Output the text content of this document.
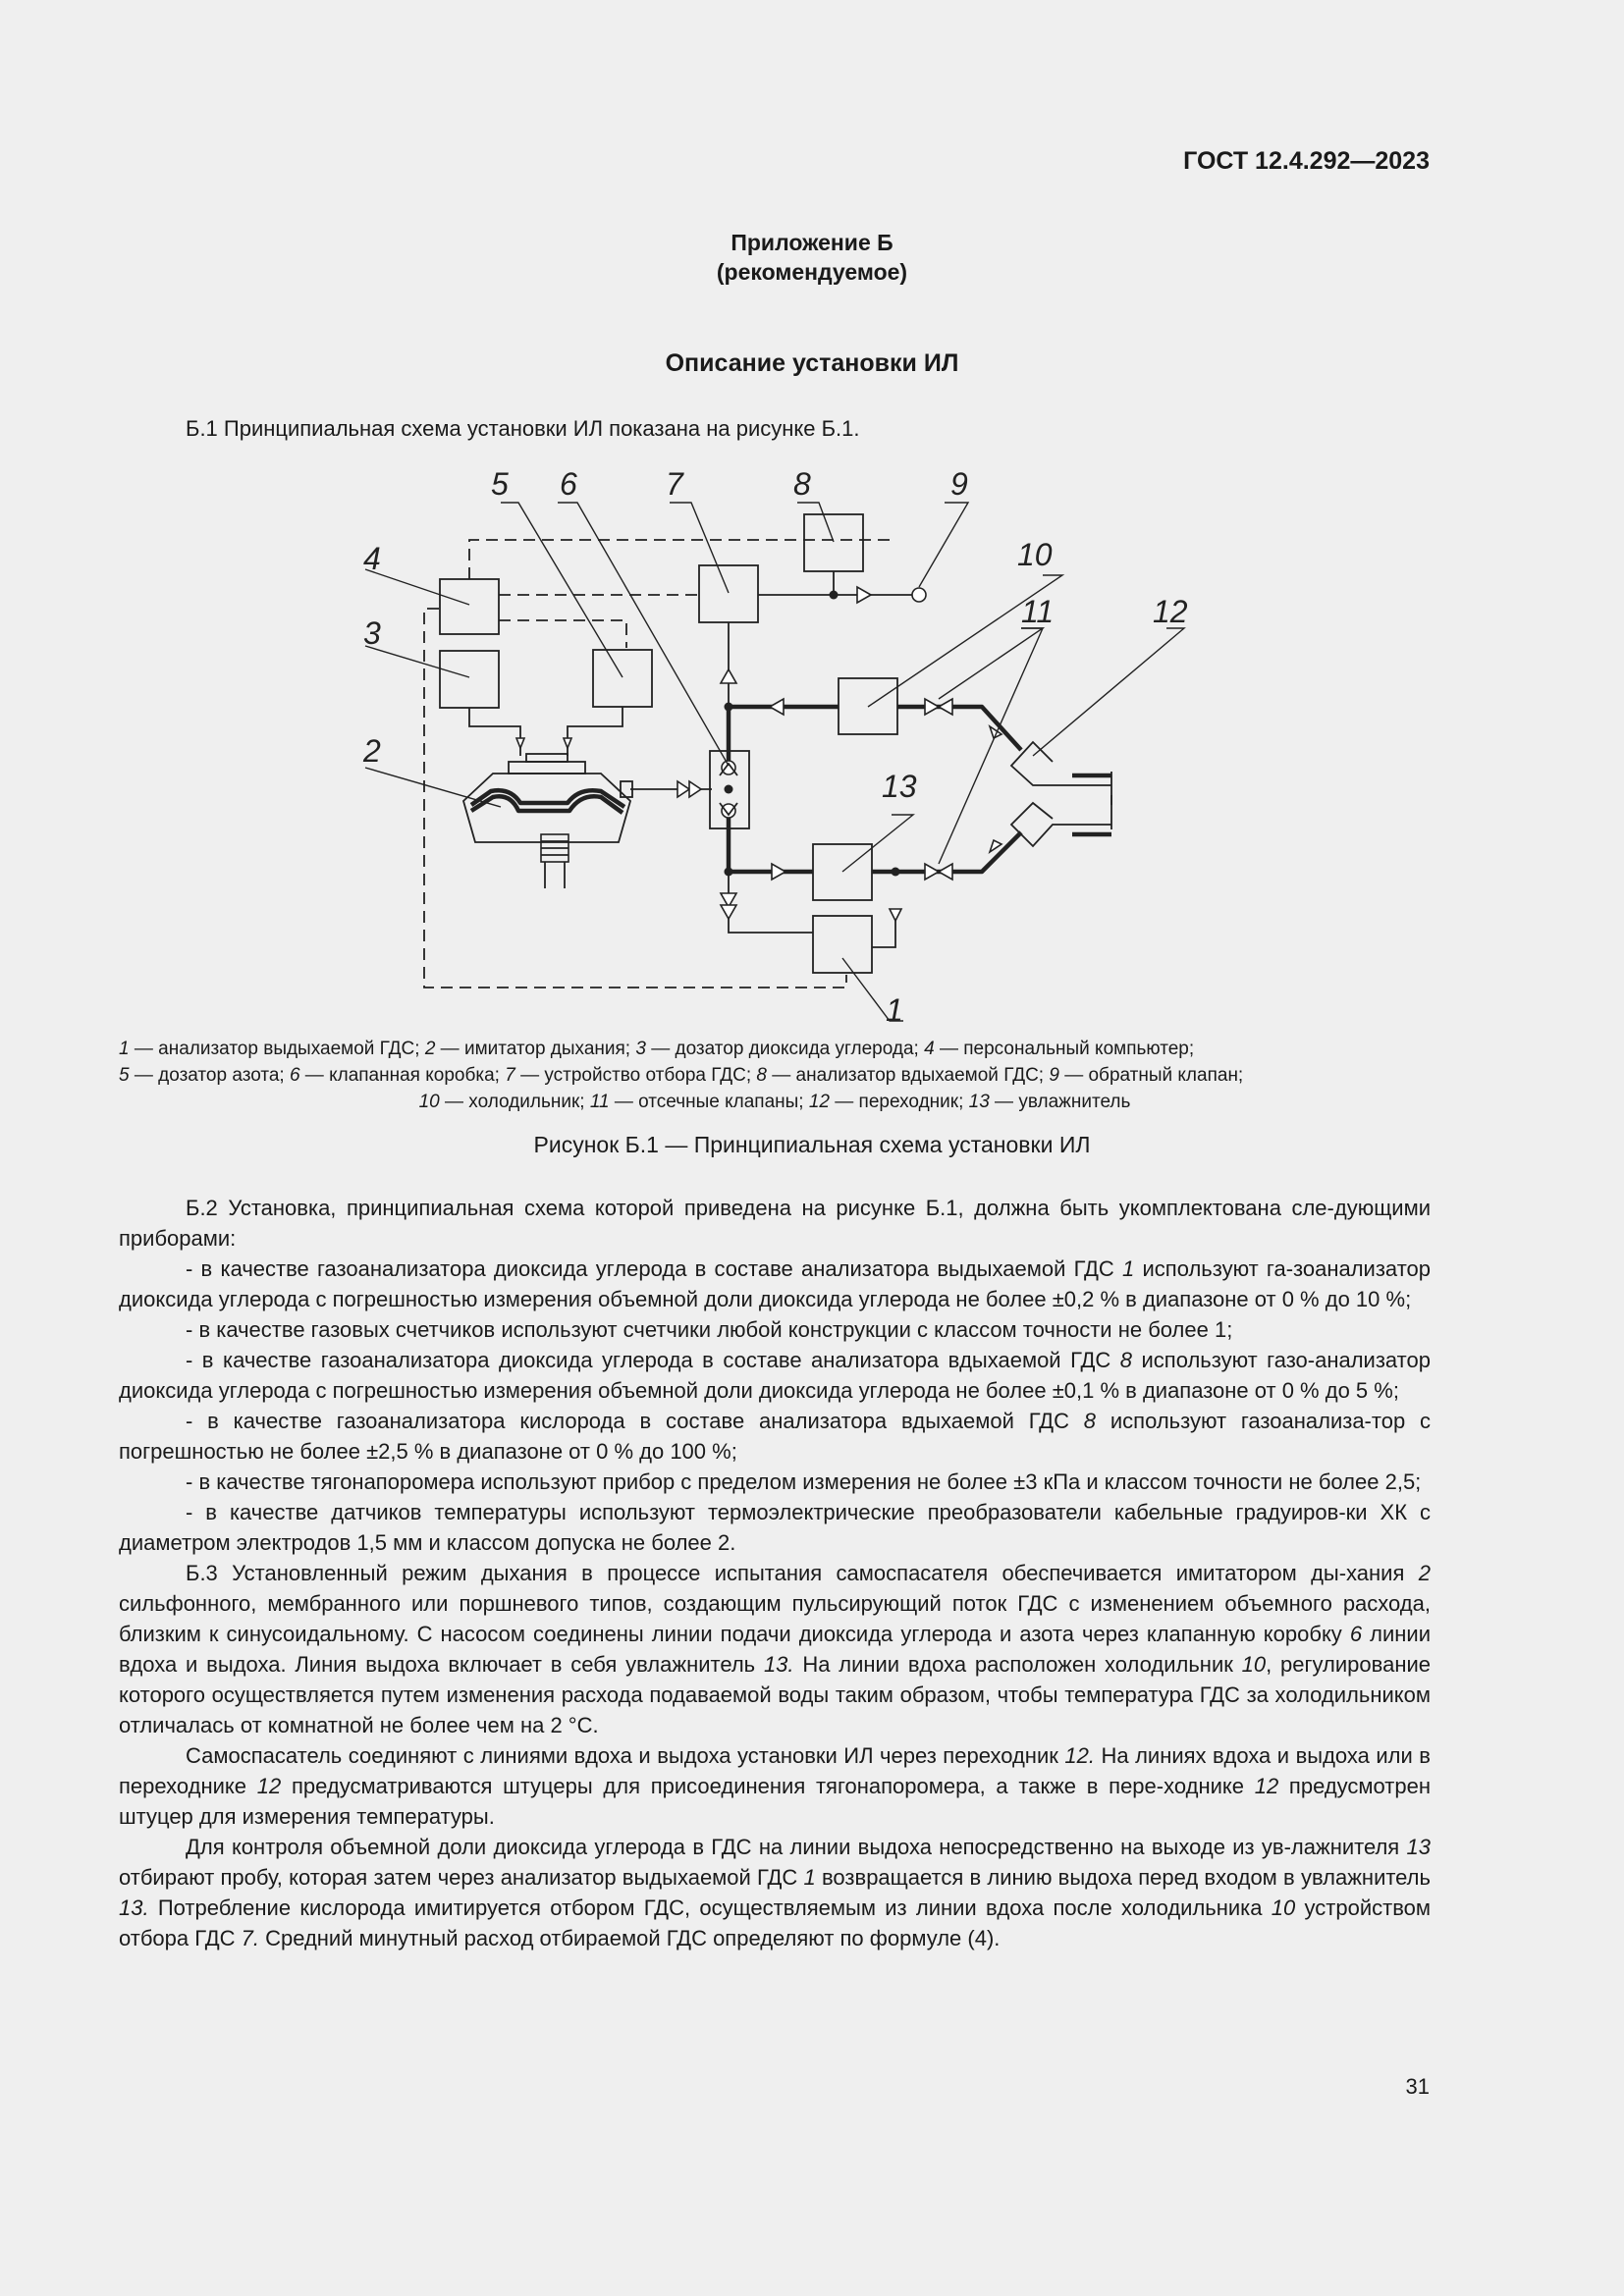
ГОСТ 12.4.292—2023
Приложение Б
(рекомендуемое)
Описание установки ИЛ

Б.1 Принципиальная схема установки ИЛ показана на рисунке Б.1.

5 6	7	8	9
4	10
11	12
3
2
13
1
1 — анализатор выдыхаемой ГДС; 2 — имитатор дыхания; 3 — дозатор диоксида углерода; 4 — персональный компьютер;
5 — дозатор азота; 6 — клапанная коробка; 7 — устройство отбора ГДС; 8 — анализатор вдыхаемой ГДС; 9 — обратный клапан;
10 — холодильник; 11 — отсечные клапаны; 12 — переходник; 13 — увлажнитель
Рисунок Б.1 — Принципиальная схема установки ИЛ

Б.2 Установка, принципиальная схема которой приведена на рисунке Б.1, должна быть укомплектована сле-дующими приборами:

- в качестве газоанализатора диоксида углерода в составе анализатора выдыхаемой ГДС 1 используют га-зоанализатор диоксида углерода с погрешностью измерения объемной доли диоксида углерода не более ±0,2 % в диапазоне от 0 % до 10 %;

- в качестве газовых счетчиков используют счетчики любой конструкции с классом точности не более 1;

- в качестве газоанализатора диоксида углерода в составе анализатора вдыхаемой ГДС 8 используют газо-анализатор диоксида углерода с погрешностью измерения объемной доли диоксида углерода не более ±0,1 % в диапазоне от 0 % до 5 %;

- в качестве газоанализатора кислорода в составе анализатора вдыхаемой ГДС 8 используют газоанализа-тор с погрешностью не более ±2,5 % в диапазоне от 0 % до 100 %;

- в качестве тягонапоромера используют прибор с пределом измерения не более ±3 кПа и классом точности не более 2,5;

- в качестве датчиков температуры используют термоэлектрические преобразователи кабельные градуиров-ки ХК с диаметром электродов 1,5 мм и классом допуска не более 2.

Б.3 Установленный режим дыхания в процессе испытания самоспасателя обеспечивается имитатором ды-хания 2 сильфонного, мембранного или поршневого типов, создающим пульсирующий поток ГДС с изменением объемного расхода, близким к синусоидальному. С насосом соединены линии подачи диоксида углерода и азота через клапанную коробку 6 линии вдоха и выдоха. Линия выдоха включает в себя увлажнитель 13. На линии вдоха расположен холодильник 10, регулирование которого осуществляется путем изменения расхода подаваемой воды таким образом, чтобы температура ГДС за холодильником отличалась от комнатной не более чем на 2 °С.

Самоспасатель соединяют с линиями вдоха и выдоха установки ИЛ через переходник 12. На линиях вдоха и выдоха или в переходнике 12 предусматриваются штуцеры для присоединения тягонапоромера, а также в пере-ходнике 12 предусмотрен штуцер для измерения температуры.

Для контроля объемной доли диоксида углерода в ГДС на линии выдоха непосредственно на выходе из ув-лажнителя 13 отбирают пробу, которая затем через анализатор выдыхаемой ГДС 1 возвращается в линию выдоха перед входом в увлажнитель 13. Потребление кислорода имитируется отбором ГДС, осуществляемым из линии вдоха после холодильника 10 устройством отбора ГДС 7. Средний минутный расход отбираемой ГДС определяют по формуле (4).

31
